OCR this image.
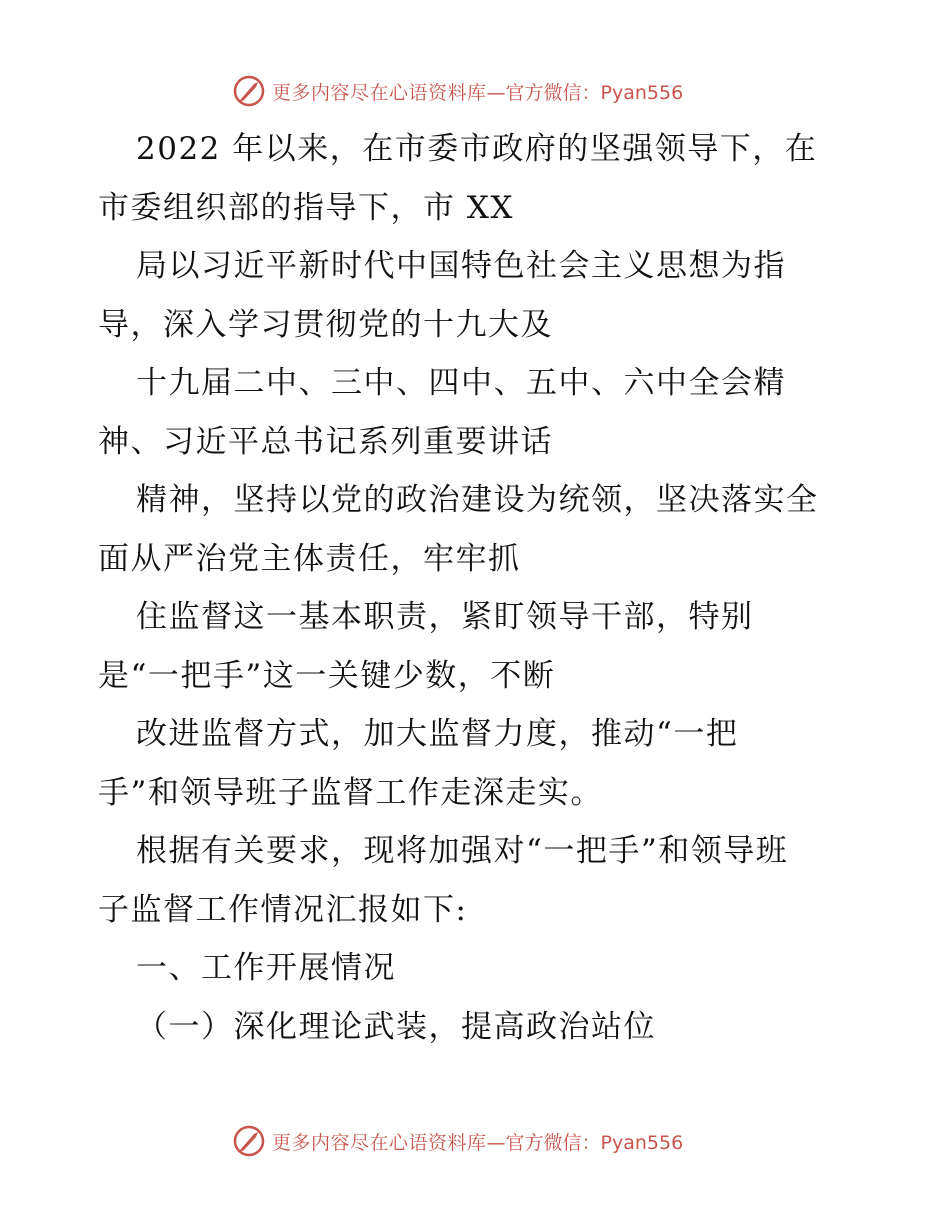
更多内容尽在心语资料库 —官方微信：Pyan556
2022 年以来，在市委市政府的坚强领导下，在
市委组织部的指导下，市 XX
局以习近平新时代中国特色社会主义思想为指
导，深入学习贯彻党的十九大及
十九届二中、三中、四中、五中、六中全会精
神、习近平总书记系列重要讲话
精神，坚持以党的政治建设为统领，坚决落实全
面从严治党主体责任，牢牢抓
住监督这一基本职责，紧盯领导干部，特别
是“一把手”这一关键少数，不断
改进监督方式，加大监督力度，推动“一把
手”和领导班子监督工作走深走实。
根据有关要求，现将加强对“一把手”和领导班
子监督工作情况汇报如下:
一、工作开展情况
（一）深化理论武装，提高政治站位
更多内容尽在心语资料库 —官方微信：Pyan556
